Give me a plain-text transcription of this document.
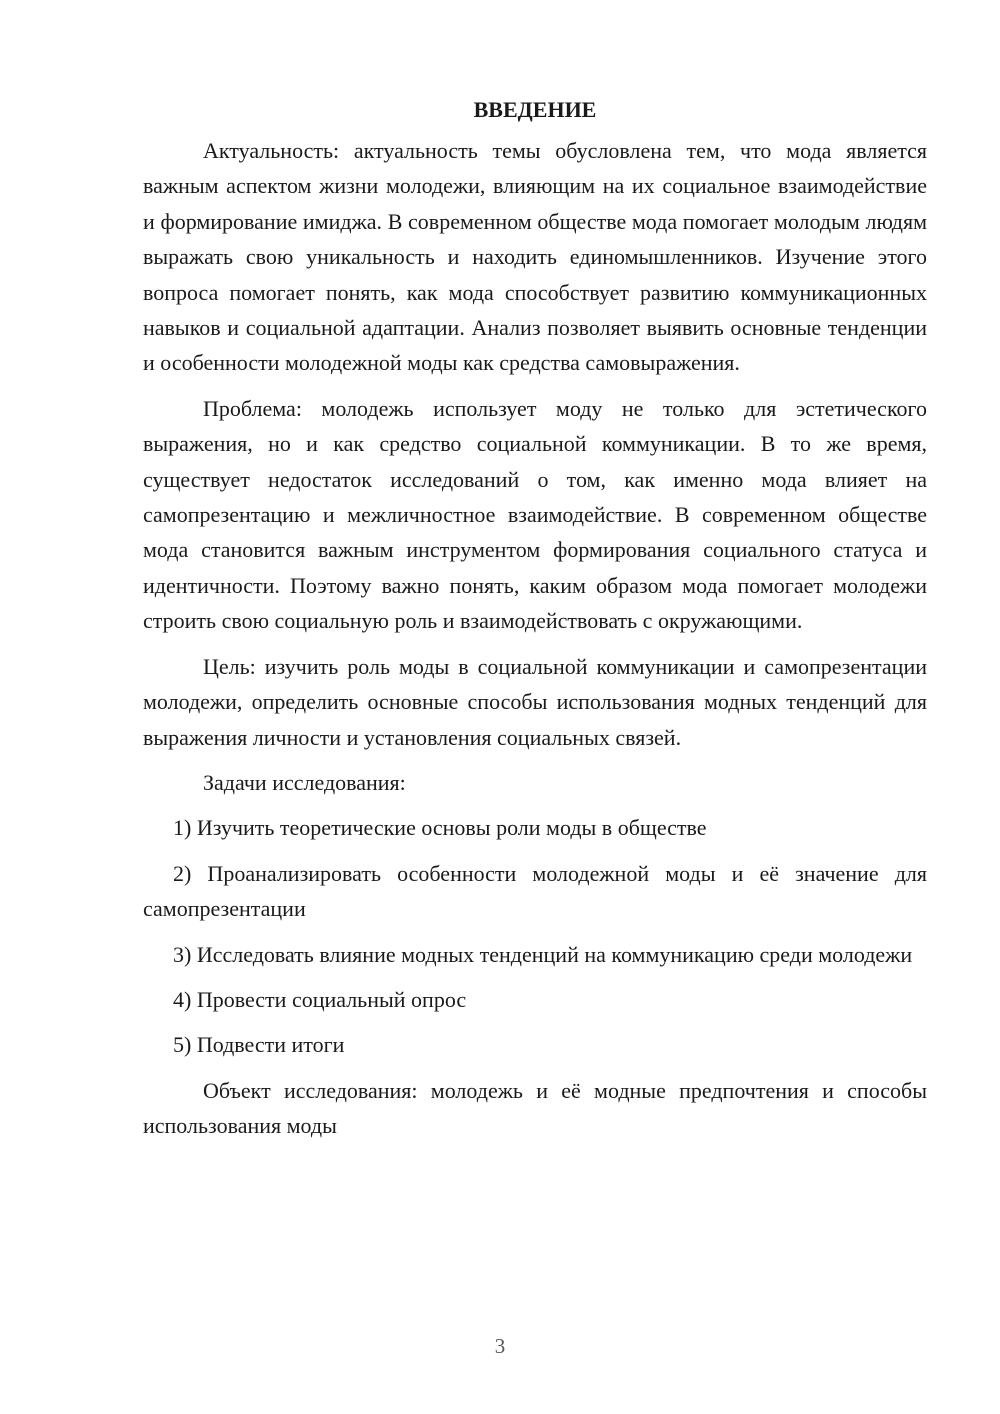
ВВЕДЕНИЕ

Актуальность: актуальность темы обусловлена тем, что мода является важным аспектом жизни молодежи, влияющим на их социальное взаимодействие и формирование имиджа. В современном обществе мода помогает молодым людям выражать свою уникальность и находить единомышленников. Изучение этого вопроса помогает понять, как мода способствует развитию коммуникационных навыков и социальной адаптации. Анализ позволяет выявить основные тенденции и особенности молодежной моды как средства самовыражения.

Проблема: молодежь использует моду не только для эстетического выражения, но и как средство социальной коммуникации. В то же время, существует недостаток исследований о том, как именно мода влияет на самопрезентацию и межличностное взаимодействие. В современном обществе мода становится важным инструментом формирования социального статуса и идентичности. Поэтому важно понять, каким образом мода помогает молодежи строить свою социальную роль и взаимодействовать с окружающими.

Цель: изучить роль моды в социальной коммуникации и самопрезентации молодежи, определить основные способы использования модных тенденций для выражения личности и установления социальных связей.

Задачи исследования:

1) Изучить теоретические основы роли моды в обществе

2) Проанализировать особенности молодежной моды и её значение для самопрезентации

3) Исследовать влияние модных тенденций на коммуникацию среди молодежи

4) Провести социальный опрос

5) Подвести итоги

Объект исследования: молодежь и её модные предпочтения и способы использования моды

3
